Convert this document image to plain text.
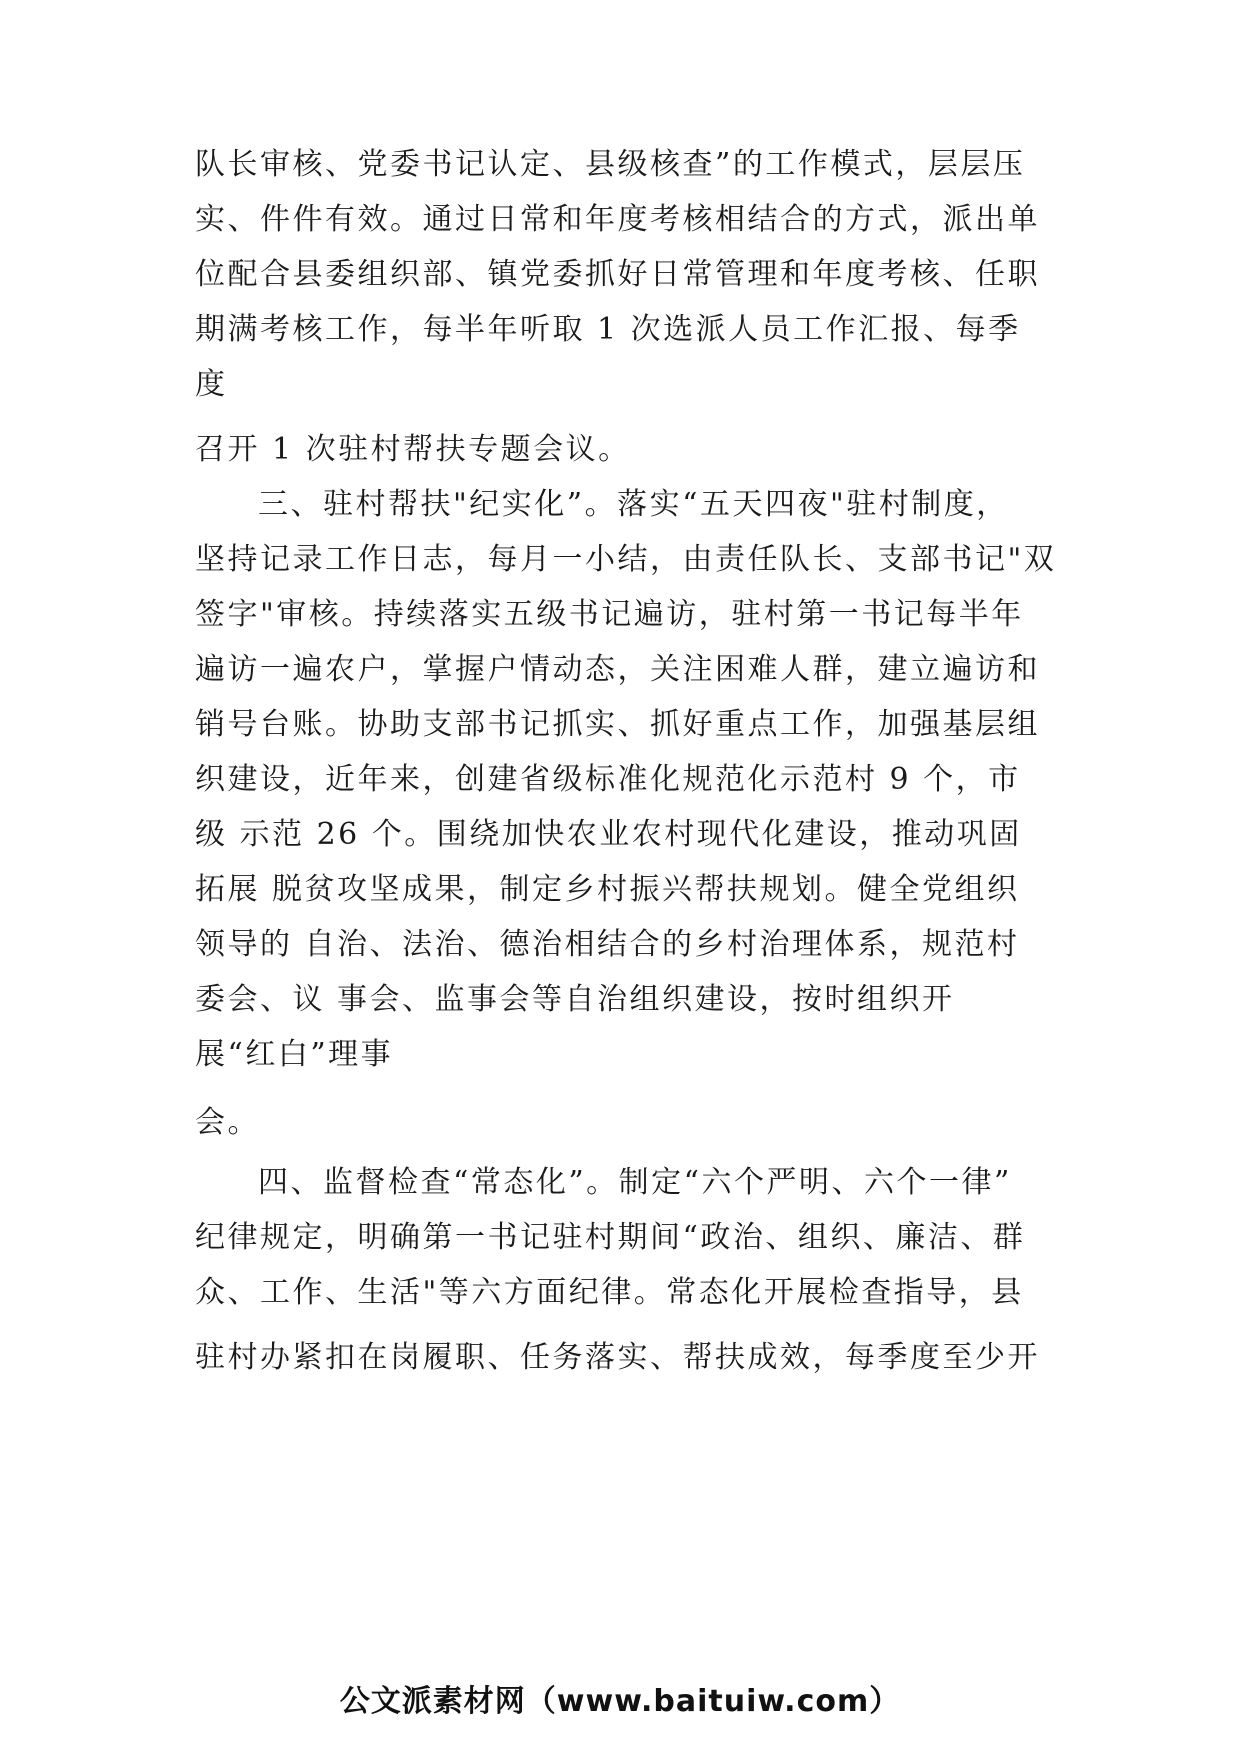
队长审核、党委书记认定、县级核查”的工作模式，层层压
实、件件有效。通过日常和年度考核相结合的方式，派出单
位配合县委组织部、镇党委抓好日常管理和年度考核、任职
期满考核工作，每半年听取 1 次选派人员工作汇报、每季
度
召开 1 次驻村帮扶专题会议。
三、驻村帮扶"纪实化”。落实“五天四夜"驻村制度，
坚持记录工作日志，每月一小结，由责任队长、支部书记"双
签字"审核。持续落实五级书记遍访，驻村第一书记每半年
遍访一遍农户，掌握户情动态，关注困难人群，建立遍访和
销号台账。协助支部书记抓实、抓好重点工作，加强基层组
织建设，近年来，创建省级标准化规范化示范村 9 个，市
级 示范 26 个。围绕加快农业农村现代化建设，推动巩固
拓展 脱贫攻坚成果，制定乡村振兴帮扶规划。健全党组织
领导的 自治、法治、德治相结合的乡村治理体系，规范村
委会、议 事会、监事会等自治组织建设，按时组织开
展“红白”理事
会。
四、监督检查“常态化”。制定“六个严明、六个一律”
纪律规定，明确第一书记驻村期间“政治、组织、廉洁、群
众、工作、生活"等六方面纪律。常态化开展检查指导，县
驻村办紧扣在岗履职、任务落实、帮扶成效，每季度至少开
公文派素材网（www.baituiw.com）
